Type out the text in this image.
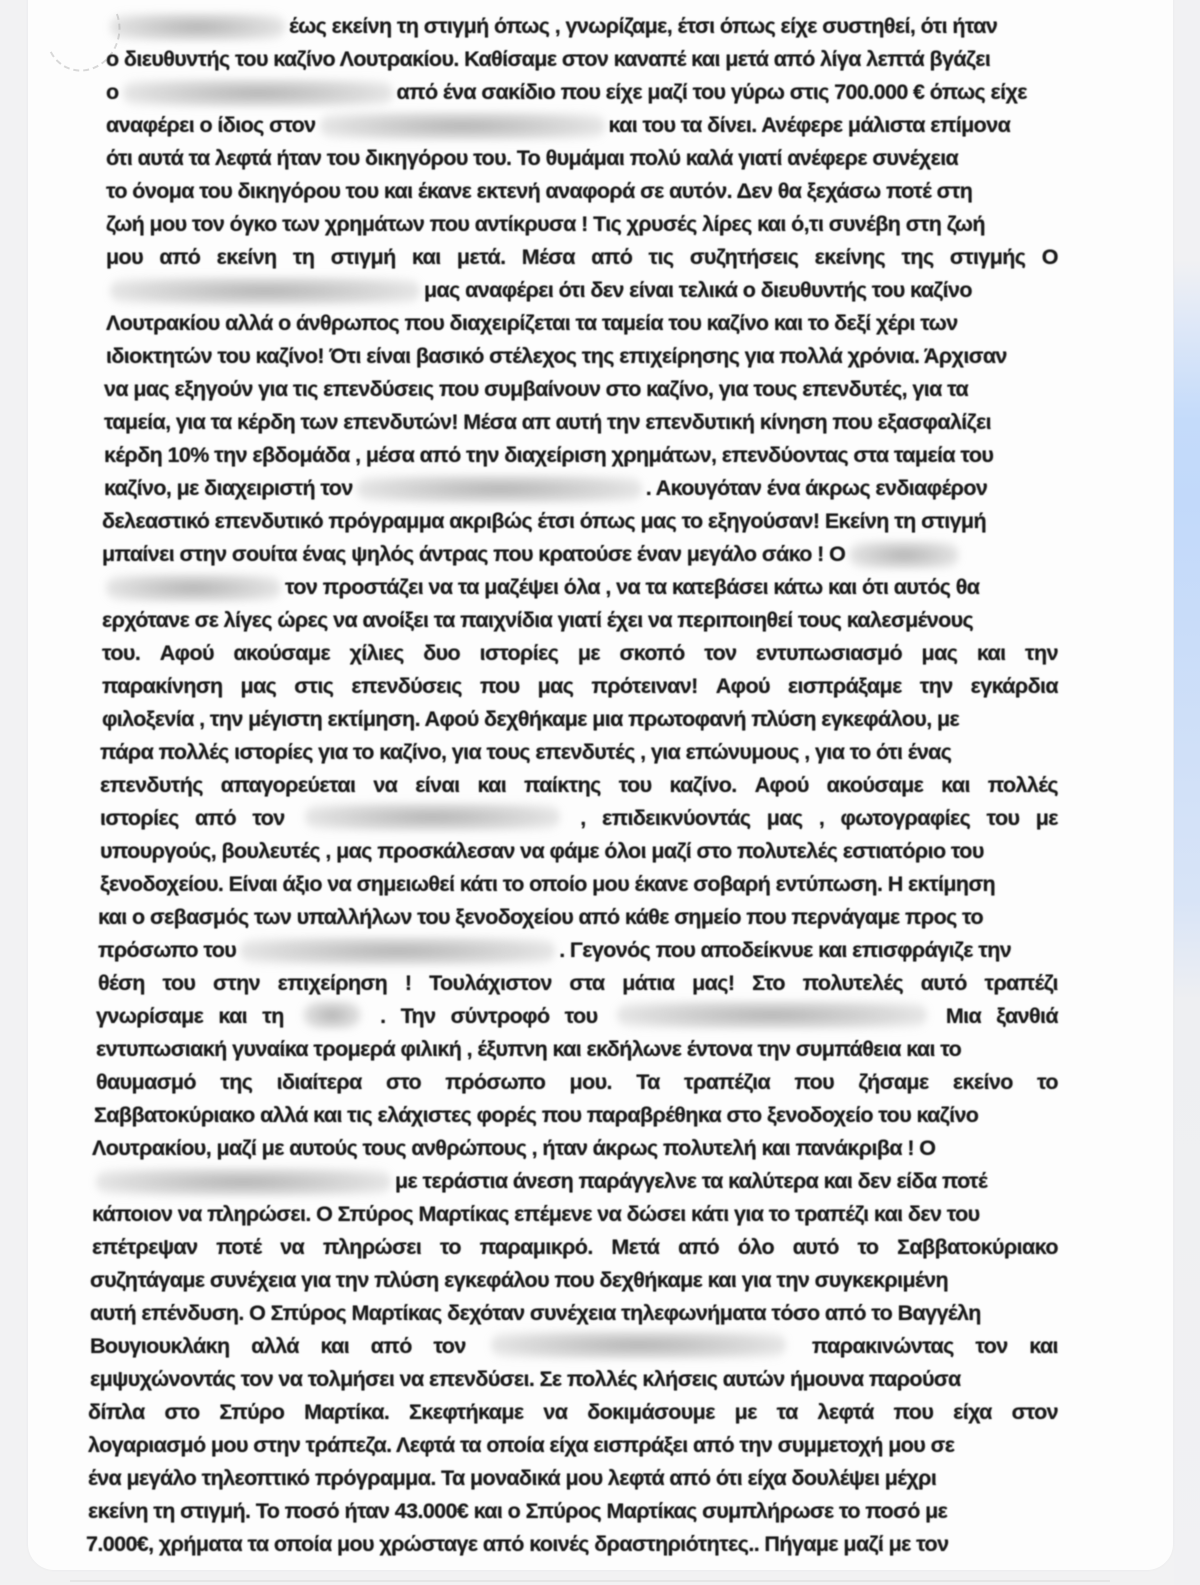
έως εκείνη τη στιγμή όπως , γνωρίζαμε, έτσι όπως είχε συστηθεί, ότι ήταν
ο διευθυντής του καζίνο Λουτρακίου. Καθίσαμε στον καναπέ και μετά από λίγα λεπτά βγάζει
ο	από ένα σακίδιο που είχε μαζί του γύρω στις 700.000 € όπως είχε
αναφέρει ο ίδιος στον	και του τα δίνει. Ανέφερε μάλιστα επίμονα
ότι αυτά τα λεφτά ήταν του δικηγόρου του. Το θυμάμαι πολύ καλά γιατί ανέφερε συνέχεια
το όνομα του δικηγόρου του και έκανε εκτενή αναφορά σε αυτόν. Δεν θα ξεχάσω ποτέ στη
ζωή μου τον όγκο των χρημάτων που αντίκρυσα ! Τις χρυσές λίρες και ό,τι συνέβη στη ζωή
μου από εκείνη τη στιγμή και μετά. Μέσα από τις συζητήσεις εκείνης της στιγμής Ο
μας αναφέρει ότι δεν είναι τελικά ο διευθυντής του καζίνο
Λουτρακίου αλλά ο άνθρωπος που διαχειρίζεται τα ταμεία του καζίνο και το δεξί χέρι των
ιδιοκτητών του καζίνο! Ότι είναι βασικό στέλεχος της επιχείρησης για πολλά χρόνια. Άρχισαν
να μας εξηγούν για τις επενδύσεις που συμβαίνουν στο καζίνο, για τους επενδυτές, για τα
ταμεία, για τα κέρδη των επενδυτών! Μέσα απ αυτή την επενδυτική κίνηση που εξασφαλίζει
κέρδη 10% την εβδομάδα , μέσα από την διαχείριση χρημάτων, επενδύοντας στα ταμεία του
καζίνο, με διαχειριστή τον	. Ακουγόταν ένα άκρως ενδιαφέρον
δελεαστικό επενδυτικό πρόγραμμα ακριβώς έτσι όπως μας το εξηγούσαν! Εκείνη τη στιγμή
μπαίνει στην σουίτα ένας ψηλός άντρας που κρατούσε έναν μεγάλο σάκο ! Ο
τον προστάζει να τα μαζέψει όλα , να τα κατεβάσει κάτω και ότι αυτός θα
ερχότανε σε λίγες ώρες να ανοίξει τα παιχνίδια γιατί έχει να περιποιηθεί τους καλεσμένους
του. Αφού ακούσαμε χίλιες δυο ιστορίες με σκοπό τον εντυπωσιασμό μας και την
παρακίνηση μας στις επενδύσεις που μας πρότειναν! Αφού εισπράξαμε την εγκάρδια
φιλοξενία , την μέγιστη εκτίμηση. Αφού δεχθήκαμε μια πρωτοφανή πλύση εγκεφάλου, με
πάρα πολλές ιστορίες για το καζίνο, για τους επενδυτές , για επώνυμους , για το ότι ένας
επενδυτής απαγορεύεται να είναι και παίκτης του καζίνο. Αφού ακούσαμε και πολλές
ιστορίες από τον	, επιδεικνύοντάς μας , φωτογραφίες του με
υπουργούς, βουλευτές , μας προσκάλεσαν να φάμε όλοι μαζί στο πολυτελές εστιατόριο του
ξενοδοχείου. Είναι άξιο να σημειωθεί κάτι το οποίο μου έκανε σοβαρή εντύπωση. Η εκτίμηση
και ο σεβασμός των υπαλλήλων του ξενοδοχείου από κάθε σημείο που περνάγαμε προς το
πρόσωπο του	. Γεγονός που αποδείκνυε και επισφράγιζε την
θέση του στην επιχείρηση ! Τουλάχιστον στα μάτια μας! Στο πολυτελές αυτό τραπέζι
γνωρίσαμε και τη	. Την σύντροφό του	Μια ξανθιά
εντυπωσιακή γυναίκα τρομερά φιλική , έξυπνη και εκδήλωνε έντονα την συμπάθεια και το
θαυμασμό της ιδιαίτερα στο πρόσωπο μου. Τα τραπέζια που ζήσαμε εκείνο το
Σαββατοκύριακο αλλά και τις ελάχιστες φορές που παραβρέθηκα στο ξενοδοχείο του καζίνο
Λουτρακίου, μαζί με αυτούς τους ανθρώπους , ήταν άκρως πολυτελή και πανάκριβα ! Ο
με τεράστια άνεση παράγγελνε τα καλύτερα και δεν είδα ποτέ
κάποιον να πληρώσει. Ο Σπύρος Μαρτίκας επέμενε να δώσει κάτι για το τραπέζι και δεν του
επέτρεψαν ποτέ να πληρώσει το παραμικρό. Μετά από όλο αυτό το Σαββατοκύριακο
συζητάγαμε συνέχεια για την πλύση εγκεφάλου που δεχθήκαμε και για την συγκεκριμένη
αυτή επένδυση. Ο Σπύρος Μαρτίκας δεχόταν συνέχεια τηλεφωνήματα τόσο από το Βαγγέλη
Βουγιουκλάκη αλλά και από τον	παρακινώντας τον και
εμψυχώνοντάς τον να τολμήσει να επενδύσει. Σε πολλές κλήσεις αυτών ήμουνα παρούσα
δίπλα στο Σπύρο Μαρτίκα. Σκεφτήκαμε να δοκιμάσουμε με τα λεφτά που είχα στον
λογαριασμό μου στην τράπεζα. Λεφτά τα οποία είχα εισπράξει από την συμμετοχή μου σε
ένα μεγάλο τηλεοπτικό πρόγραμμα. Τα μοναδικά μου λεφτά από ότι είχα δουλέψει μέχρι
εκείνη τη στιγμή. Το ποσό ήταν 43.000€ και ο Σπύρος Μαρτίκας συμπλήρωσε το ποσό με
7.000€, χρήματα τα οποία μου χρώσταγε από κοινές δραστηριότητες.. Πήγαμε μαζί με τον
